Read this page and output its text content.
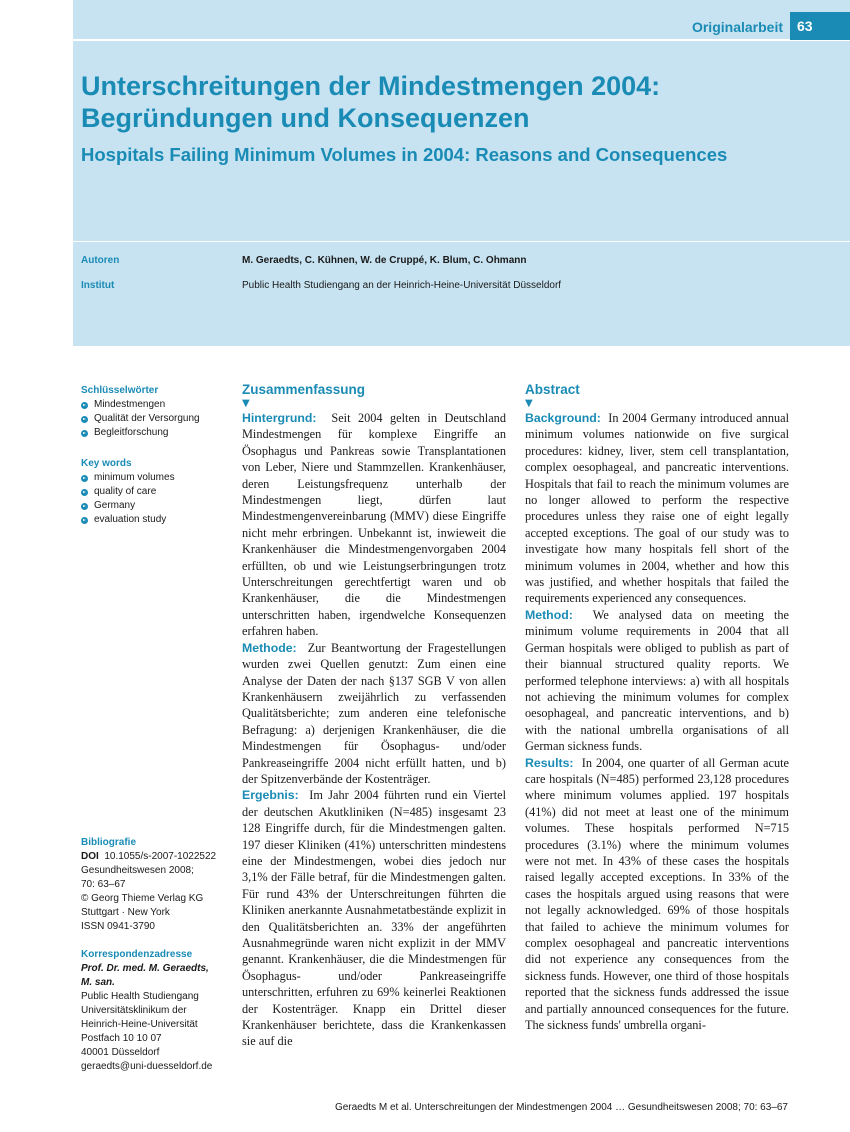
Originalarbeit	63
Unterschreitungen der Mindestmengen 2004: Begründungen und Konsequenzen
Hospitals Failing Minimum Volumes in 2004: Reasons and Consequences
Autoren	M. Geraedts, C. Kühnen, W. de Cruppé, K. Blum, C. Ohmann
Institut	Public Health Studiengang an der Heinrich-Heine-Universität Düsseldorf
Schlüsselwörter
Mindestmengen
Qualität der Versorgung
Begleitforschung
Key words
minimum volumes
quality of care
Germany
evaluation study
Bibliografie
DOI 10.1055/s-2007-1022522
Gesundheitswesen 2008;
70: 63–67
© Georg Thieme Verlag KG
Stuttgart · New York
ISSN 0941-3790
Korrespondenzadresse
Prof. Dr. med. M. Geraedts, M. san.
Public Health Studiengang
Universitätsklinikum der
Heinrich-Heine-Universität
Postfach 10 10 07
40001 Düsseldorf
geraedts@uni-duesseldorf.de
Zusammenfassung
▼

Hintergrund: Seit 2004 gelten in Deutschland Mindestmengen für komplexe Eingriffe an Ösophagus und Pankreas sowie Transplantationen von Leber, Niere und Stammzellen. Krankenhäuser, deren Leistungsfrequenz unterhalb der Mindestmengen liegt, dürfen laut Mindestmengenvereinbarung (MMV) diese Eingriffe nicht mehr erbringen. Unbekannt ist, inwieweit die Krankenhäuser die Mindestmengenvorgaben 2004 erfüllten, ob und wie Leistungserbringungen trotz Unterschreitungen gerechtfertigt waren und ob Krankenhäuser, die die Mindestmengen unterschritten haben, irgendwelche Konsequenzen erfahren haben.

Methode: Zur Beantwortung der Fragestellungen wurden zwei Quellen genutzt: Zum einen eine Analyse der Daten der nach §137 SGB V von allen Krankenhäusern zweijährlich zu verfassenden Qualitätsberichte; zum anderen eine telefonische Befragung: a) derjenigen Krankenhäuser, die die Mindestmengen für Ösophagus- und/oder Pankreaseingriffe 2004 nicht erfüllt hatten, und b) der Spitzenverbände der Kostenträger.

Ergebnis: Im Jahr 2004 führten rund ein Viertel der deutschen Akutkliniken (N=485) insgesamt 23 128 Eingriffe durch, für die Mindestmengen galten. 197 dieser Kliniken (41%) unterschritten mindestens eine der Mindestmengen, wobei dies jedoch nur 3,1% der Fälle betraf, für die Mindestmengen galten. Für rund 43% der Unterschreitungen führten die Kliniken anerkannte Ausnahmetatbestände explizit in den Qualitätsberichten an. 33% der angeführten Ausnahmegründe waren nicht explizit in der MMV genannt. Krankenhäuser, die die Mindestmengen für Ösophagus- und/oder Pankreaseingriffe unterschritten, erfuhren zu 69% keinerlei Reaktionen der Kostenträger. Knapp ein Drittel dieser Krankenhäuser berichtete, dass die Krankenkassen sie auf die

Abstract
▼

Background: In 2004 Germany introduced annual minimum volumes nationwide on five surgical procedures: kidney, liver, stem cell transplantation, complex oesophageal, and pancreatic interventions. Hospitals that fail to reach the minimum volumes are no longer allowed to perform the respective procedures unless they raise one of eight legally accepted exceptions. The goal of our study was to investigate how many hospitals fell short of the minimum volumes in 2004, whether and how this was justified, and whether hospitals that failed the requirements experienced any consequences.

Method: We analysed data on meeting the minimum volume requirements in 2004 that all German hospitals were obliged to publish as part of their biannual structured quality reports. We performed telephone interviews: a) with all hospitals not achieving the minimum volumes for complex oesophageal, and pancreatic interventions, and b) with the national umbrella organisations of all German sickness funds.

Results: In 2004, one quarter of all German acute care hospitals (N=485) performed 23,128 procedures where minimum volumes applied. 197 hospitals (41%) did not meet at least one of the minimum volumes. These hospitals performed N=715 procedures (3.1%) where the minimum volumes were not met. In 43% of these cases the hospitals raised legally accepted exceptions. In 33% of the cases the hospitals argued using reasons that were not legally acknowledged. 69% of those hospitals that failed to achieve the minimum volumes for complex oesophageal and pancreatic interventions did not experience any consequences from the sickness funds. However, one third of those hospitals reported that the sickness funds addressed the issue and partially announced consequences for the future. The sickness funds' umbrella organi-

Geraedts M et al. Unterschreitungen der Mindestmengen 2004 … Gesundheitswesen 2008; 70: 63–67
